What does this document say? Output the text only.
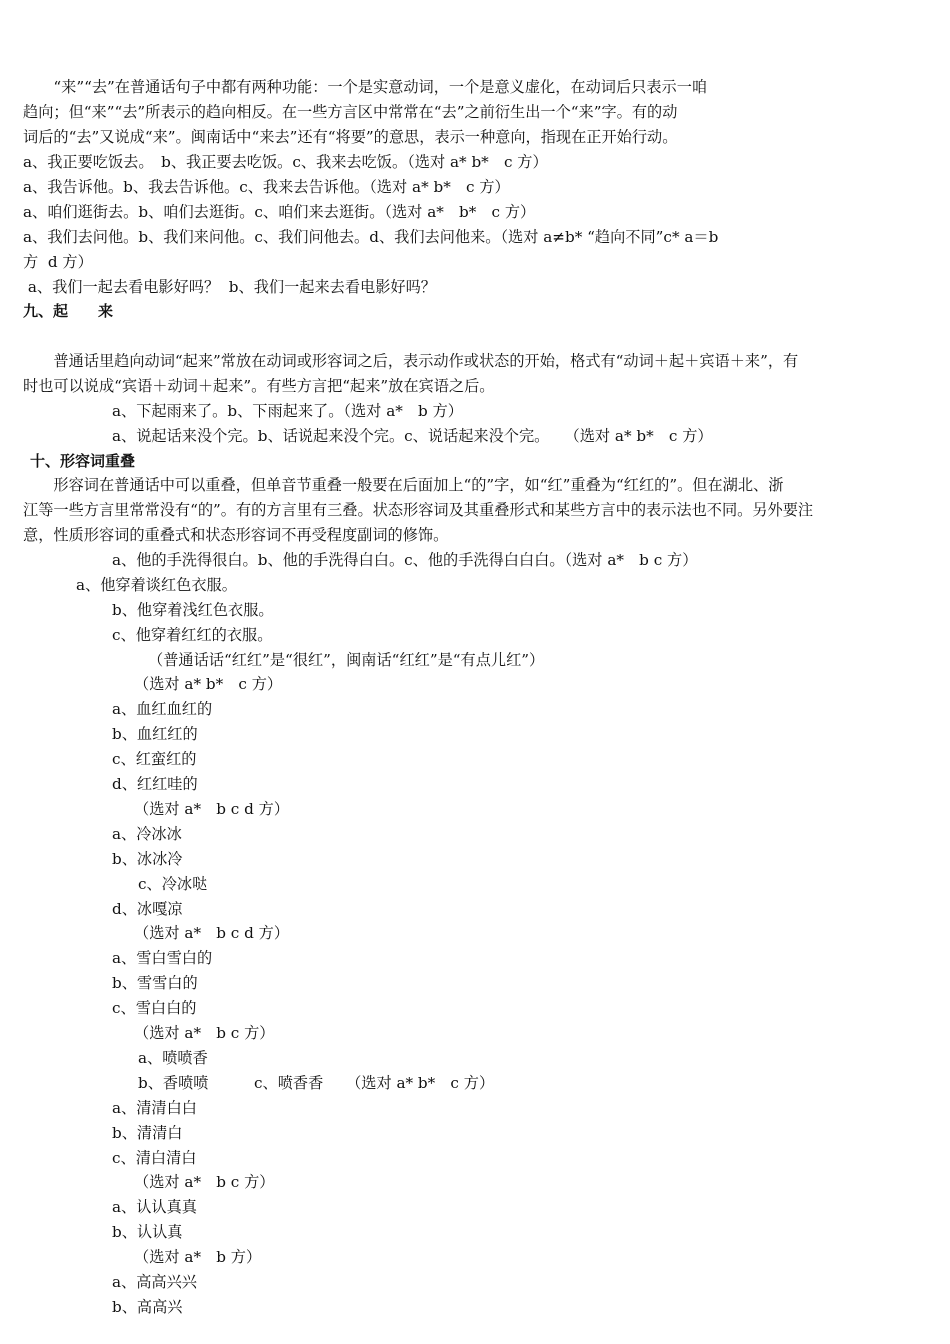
　　“来”“去”在普通话句子中都有两种功能：一个是实意动词，一个是意义虚化，在动词后只表示一咱
趋向；但“来”“去”所表示的趋向相反。在一些方言区中常常在“去”之前衍生出一个“来”字。有的动
词后的“去”又说成“来”。闽南话中“来去”还有“将要”的意思，表示一种意向，指现在正开始行动。
a、我正要吃饭去。　b、我正要去吃饭。c、我来去吃饭。（选对 a* b*　c 方）
a、我告诉他。b、我去告诉他。c、我来去告诉他。（选对 a* b*　c 方）
a、咱们逛街去。b、咱们去逛街。c、咱们来去逛街。（选对 a*　b*　c 方）
a、我们去问他。b、我们来问他。c、我们问他去。d、我们去问他来。（选对 a≠b* “趋向不同”c* a＝b
方  d 方）
a、我们一起去看电影好吗？  b、我们一起来去看电影好吗？
九、起　　来
　　普通话里趋向动词“起来”常放在动词或形容词之后，表示动作或状态的开始，格式有“动词＋起＋宾语＋来”，有
时也可以说成“宾语＋动词＋起来”。有些方言把“起来”放在宾语之后。
a、下起雨来了。b、下雨起来了。（选对 a*　b 方）
a、说起话来没个完。b、话说起来没个完。c、说话起来没个完。　　（选对 a* b*　c 方）
十、形容词重叠
　　形容词在普通话中可以重叠，但单音节重叠一般要在后面加上“的”字，如“红”重叠为“红红的”。但在湖北、浙
江等一些方言里常常没有“的”。有的方言里有三叠。状态形容词及其重叠形式和某些方言中的表示法也不同。另外要注
意，性质形容词的重叠式和状态形容词不再受程度副词的修饰。
a、他的手洗得很白。b、他的手洗得白白。c、他的手洗得白白白。（选对 a*　b c 方）
a、他穿着谈红色衣服。
b、他穿着浅红色衣服。
c、他穿着红红的衣服。
（普通话话“红红”是“很红”，闽南话“红红”是“有点儿红”）
（选对 a* b*　c 方）
a、血红血红的
b、血红红的
c、红蛮红的
d、红红哇的
（选对 a*　b c d 方）
a、冷冰冰
b、冰冰冷
c、冷冰哒
d、冰嘎凉
（选对 a*　b c d 方）
a、雪白雪白的
b、雪雪白的
c、雪白白的
（选对 a*　b c 方）
a、喷喷香
b、香喷喷　　　c、喷香香　　（选对 a* b*　c 方）
a、清清白白
b、清清白
c、清白清白
（选对 a*　b c 方）
a、认认真真
b、认认真
（选对 a*　b 方）
a、高高兴兴
b、高高兴
